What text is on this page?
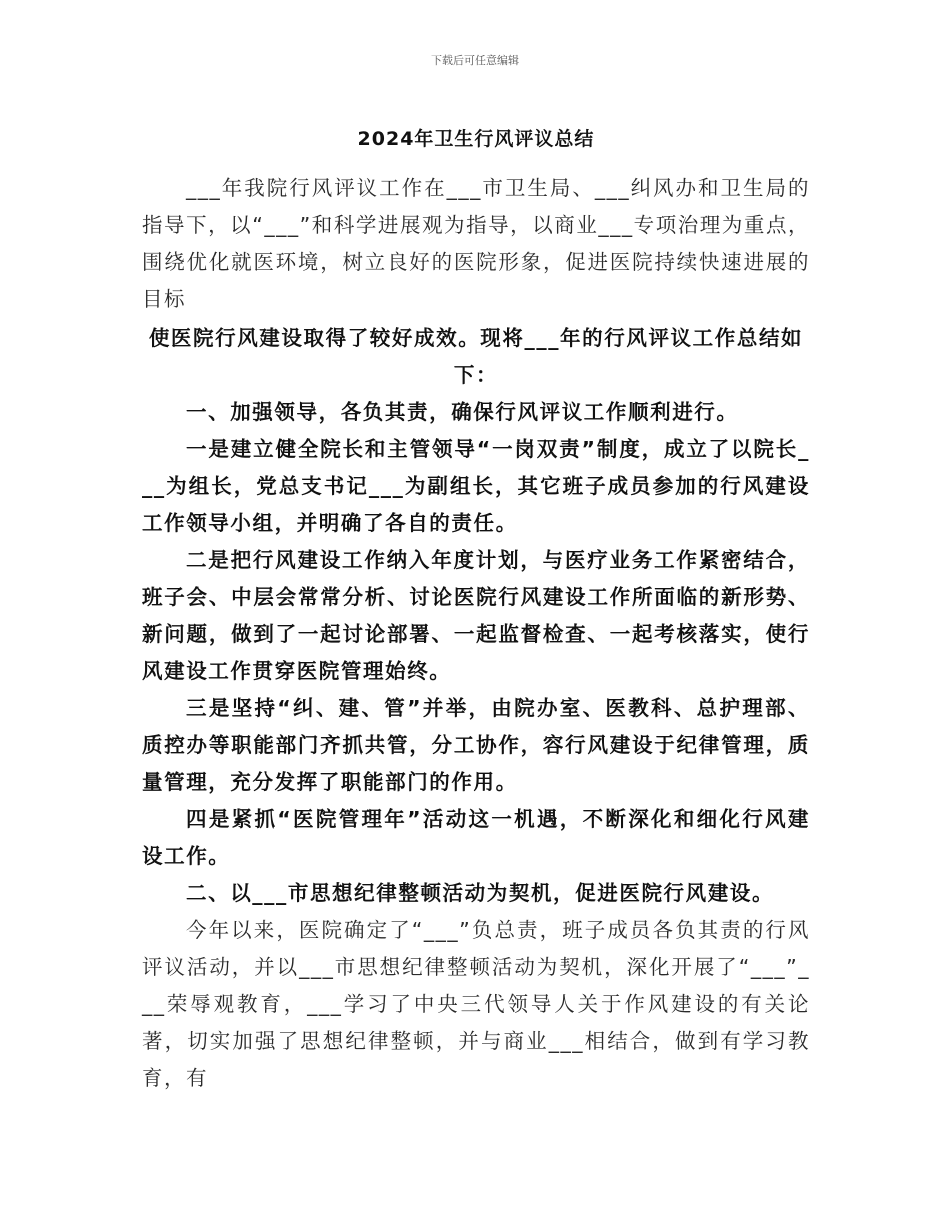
下载后可任意编辑
2024年卫生行风评议总结

___年我院行风评议工作在___市卫生局、___纠风办和卫生局的指导下，以“___”和科学进展观为指导，以商业___专项治理为重点，围绕优化就医环境，树立良好的医院形象，促进医院持续快速进展的目标

使医院行风建设取得了较好成效。现将___年的行风评议工作总结如下：

一、加强领导，各负其责，确保行风评议工作顺利进行。

一是建立健全院长和主管领导“一岗双责”制度，成立了以院长___为组长，党总支书记___为副组长，其它班子成员参加的行风建设工作领导小组，并明确了各自的责任。

二是把行风建设工作纳入年度计划，与医疗业务工作紧密结合，班子会、中层会常常分析、讨论医院行风建设工作所面临的新形势、新问题，做到了一起讨论部署、一起监督检查、一起考核落实，使行风建设工作贯穿医院管理始终。

三是坚持“纠、建、管”并举，由院办室、医教科、总护理部、质控办等职能部门齐抓共管，分工协作，容行风建设于纪律管理，质量管理，充分发挥了职能部门的作用。

四是紧抓“医院管理年”活动这一机遇，不断深化和细化行风建设工作。

二、以___市思想纪律整顿活动为契机，促进医院行风建设。

今年以来，医院确定了“___”负总责，班子成员各负其责的行风评议活动，并以___市思想纪律整顿活动为契机，深化开展了“___”___荣辱观教育，___学习了中央三代领导人关于作风建设的有关论著，切实加强了思想纪律整顿，并与商业___相结合，做到有学习教育，有
